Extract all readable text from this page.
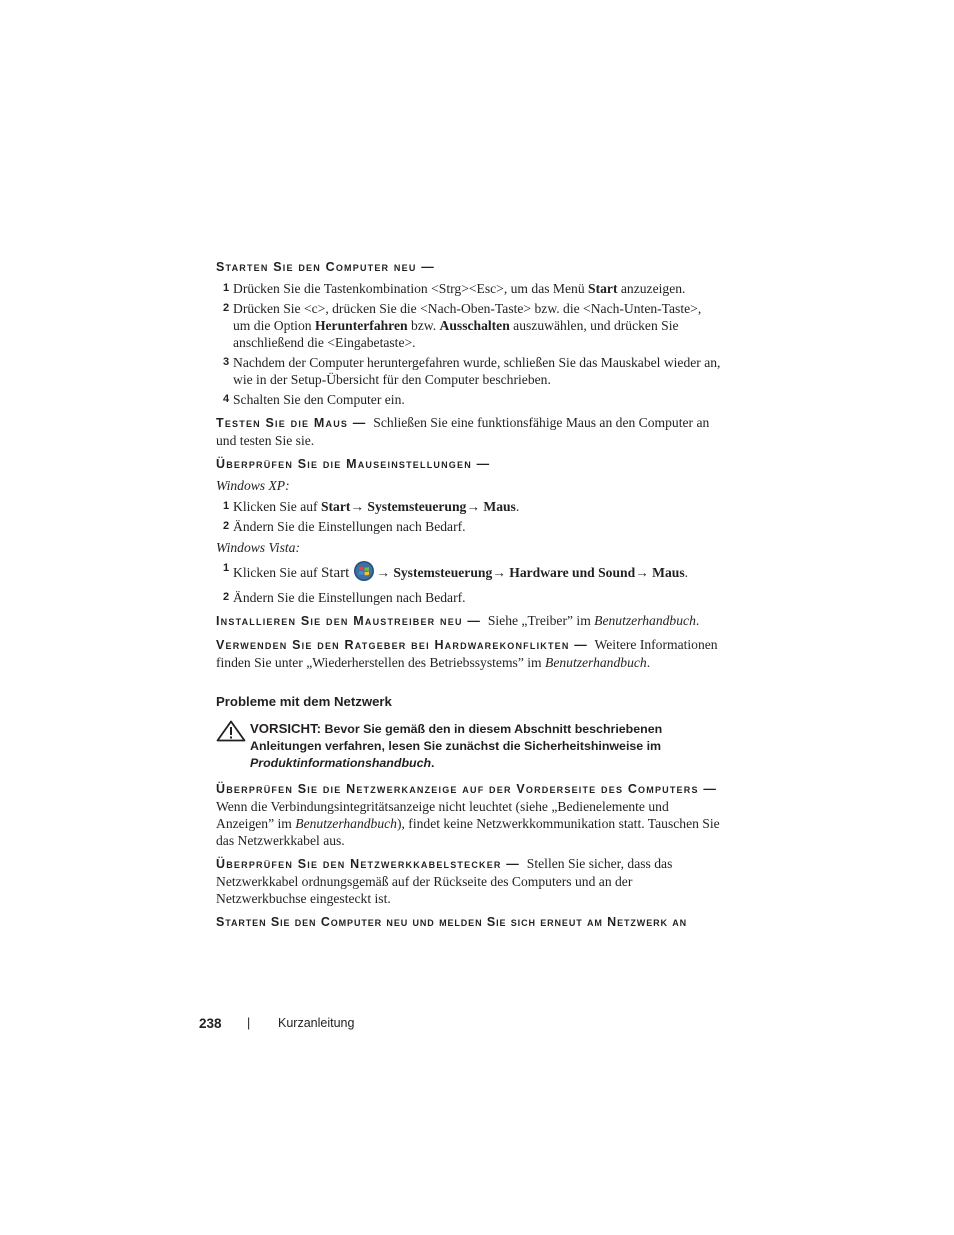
Starten Sie den Computer neu —

1 Drücken Sie die Tastenkombination <Strg><Esc>, um das Menü Start anzuzeigen.
2 Drücken Sie <c>, drücken Sie die <Nach-Oben-Taste> bzw. die <Nach-Unten-Taste>, um die Option Herunterfahren bzw. Ausschalten auszuwählen, und drücken Sie anschließend die <Eingabetaste>.
3 Nachdem der Computer heruntergefahren wurde, schließen Sie das Mauskabel wieder an, wie in der Setup-Übersicht für den Computer beschrieben.
4 Schalten Sie den Computer ein.

Testen Sie die Maus — Schließen Sie eine funktionsfähige Maus an den Computer an und testen Sie sie.

Überprüfen Sie die Mauseinstellungen —

Windows XP:
1 Klicken Sie auf Start→ Systemsteuerung→ Maus.
2 Ändern Sie die Einstellungen nach Bedarf.
Windows Vista:
1 Klicken Sie auf Start → Systemsteuerung→ Hardware und Sound→ Maus.
2 Ändern Sie die Einstellungen nach Bedarf.

Installieren Sie den Maustreiber neu — Siehe „Treiber” im Benutzerhandbuch.

Verwenden Sie den Ratgeber bei Hardwarekonflikten — Weitere Informationen finden Sie unter „Wiederherstellen des Betriebssystems” im Benutzerhandbuch.

Probleme mit dem Netzwerk
VORSICHT: Bevor Sie gemäß den in diesem Abschnitt beschriebenen Anleitungen verfahren, lesen Sie zunächst die Sicherheitshinweise im Produktinformationshandbuch.

Überprüfen Sie die Netzwerkanzeige auf der Vorderseite des Computers —  Wenn die Verbindungsintegritätsanzeige nicht leuchtet (siehe „Bedienelemente und Anzeigen” im Benutzerhandbuch), findet keine Netzwerkkommunikation statt. Tauschen Sie das Netzwerkkabel aus.

Überprüfen Sie den Netzwerkkabelstecker — Stellen Sie sicher, dass das Netzwerkkabel ordnungsgemäß auf der Rückseite des Computers und an der Netzwerkbuchse eingesteckt ist.

Starten Sie den Computer neu und melden Sie sich erneut am Netzwerk an

238 | Kurzanleitung
